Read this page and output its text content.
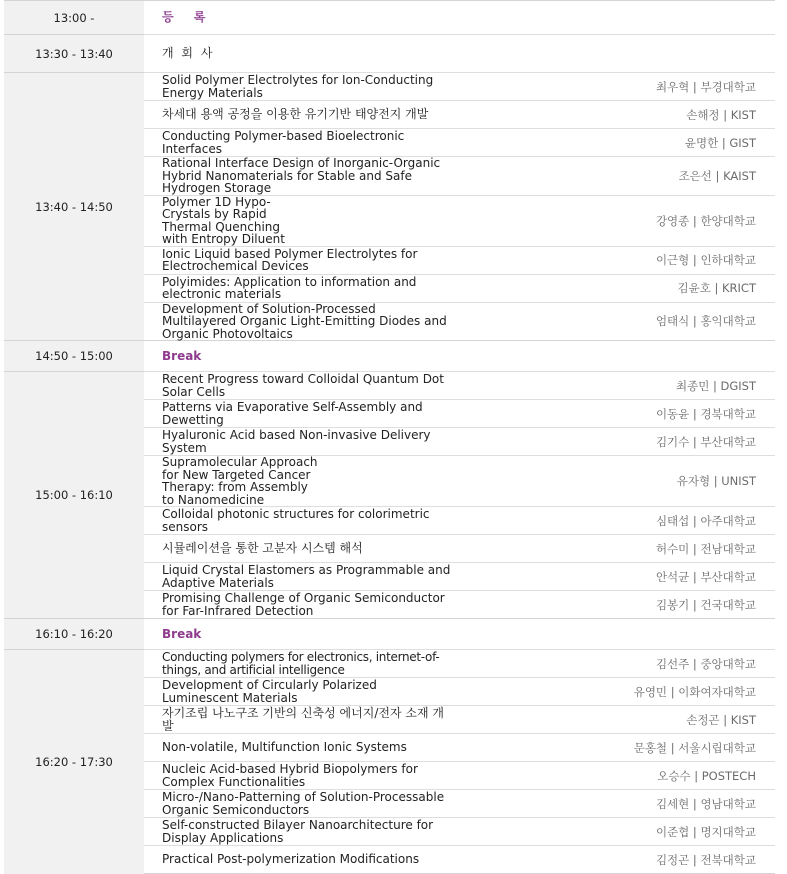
13:00 -	등 록	
13:30 - 13:40	개 회 사	
13:40 - 14:50	Solid Polymer Electrolytes for Ion-Conducting Energy Materials	최우혁 | 부경대학교
	차세대 용액 공정을 이용한 유기기반 태양전지 개발	손해정 | KIST
	Conducting Polymer-based Bioelectronic Interfaces	윤명한 | GIST
	Rational Interface Design of Inorganic-Organic Hybrid Nanomaterials for Stable and Safe Hydrogen Storage	조은선 | KAIST
	Polymer 1D Hypo-Crystals by Rapid Thermal Quenching with Entropy Diluent	강영종 | 한양대학교
	Ionic Liquid based Polymer Electrolytes for Electrochemical Devices	이근형 | 인하대학교
	Polyimides: Application to information and electronic materials	김윤호 | KRICT
	Development of Solution-Processed Multilayered Organic Light-Emitting Diodes and Organic Photovoltaics	엄태식 | 홍익대학교
14:50 - 15:00	Break	
15:00 - 16:10	Recent Progress toward Colloidal Quantum Dot Solar Cells	최종민 | DGIST
	Patterns via Evaporative Self-Assembly and Dewetting	이동윤 | 경북대학교
	Hyaluronic Acid based Non-invasive Delivery System	김기수 | 부산대학교
	Supramolecular Approach for New Targeted Cancer Therapy: from Assembly to Nanomedicine	유자형 | UNIST
	Colloidal photonic structures for colorimetric sensors	심태섭 | 아주대학교
	시뮬레이션을 통한 고분자 시스템 해석	허수미 | 전남대학교
	Liquid Crystal Elastomers as Programmable and Adaptive Materials	안석균 | 부산대학교
	Promising Challenge of Organic Semiconductor for Far-Infrared Detection	김봉기 | 건국대학교
16:10 - 16:20	Break	
16:20 - 17:30	Conducting polymers for electronics, internet-of-things, and artificial intelligence	김선주 | 중앙대학교
	Development of Circularly Polarized Luminescent Materials	유영민 | 이화여자대학교
	자기조립 나노구조 기반의 신축성 에너지/전자 소재 개발	손정곤 | KIST
	Non-volatile, Multifunction Ionic Systems	문홍철 | 서울시립대학교
	Nucleic Acid-based Hybrid Biopolymers for Complex Functionalities	오승수 | POSTECH
	Micro-/Nano-Patterning of Solution-Processable Organic Semiconductors	김세현 | 영남대학교
	Self-constructed Bilayer Nanoarchitecture for Display Applications	이준협 | 명지대학교
	Practical Post-polymerization Modifications	김정곤 | 전북대학교
